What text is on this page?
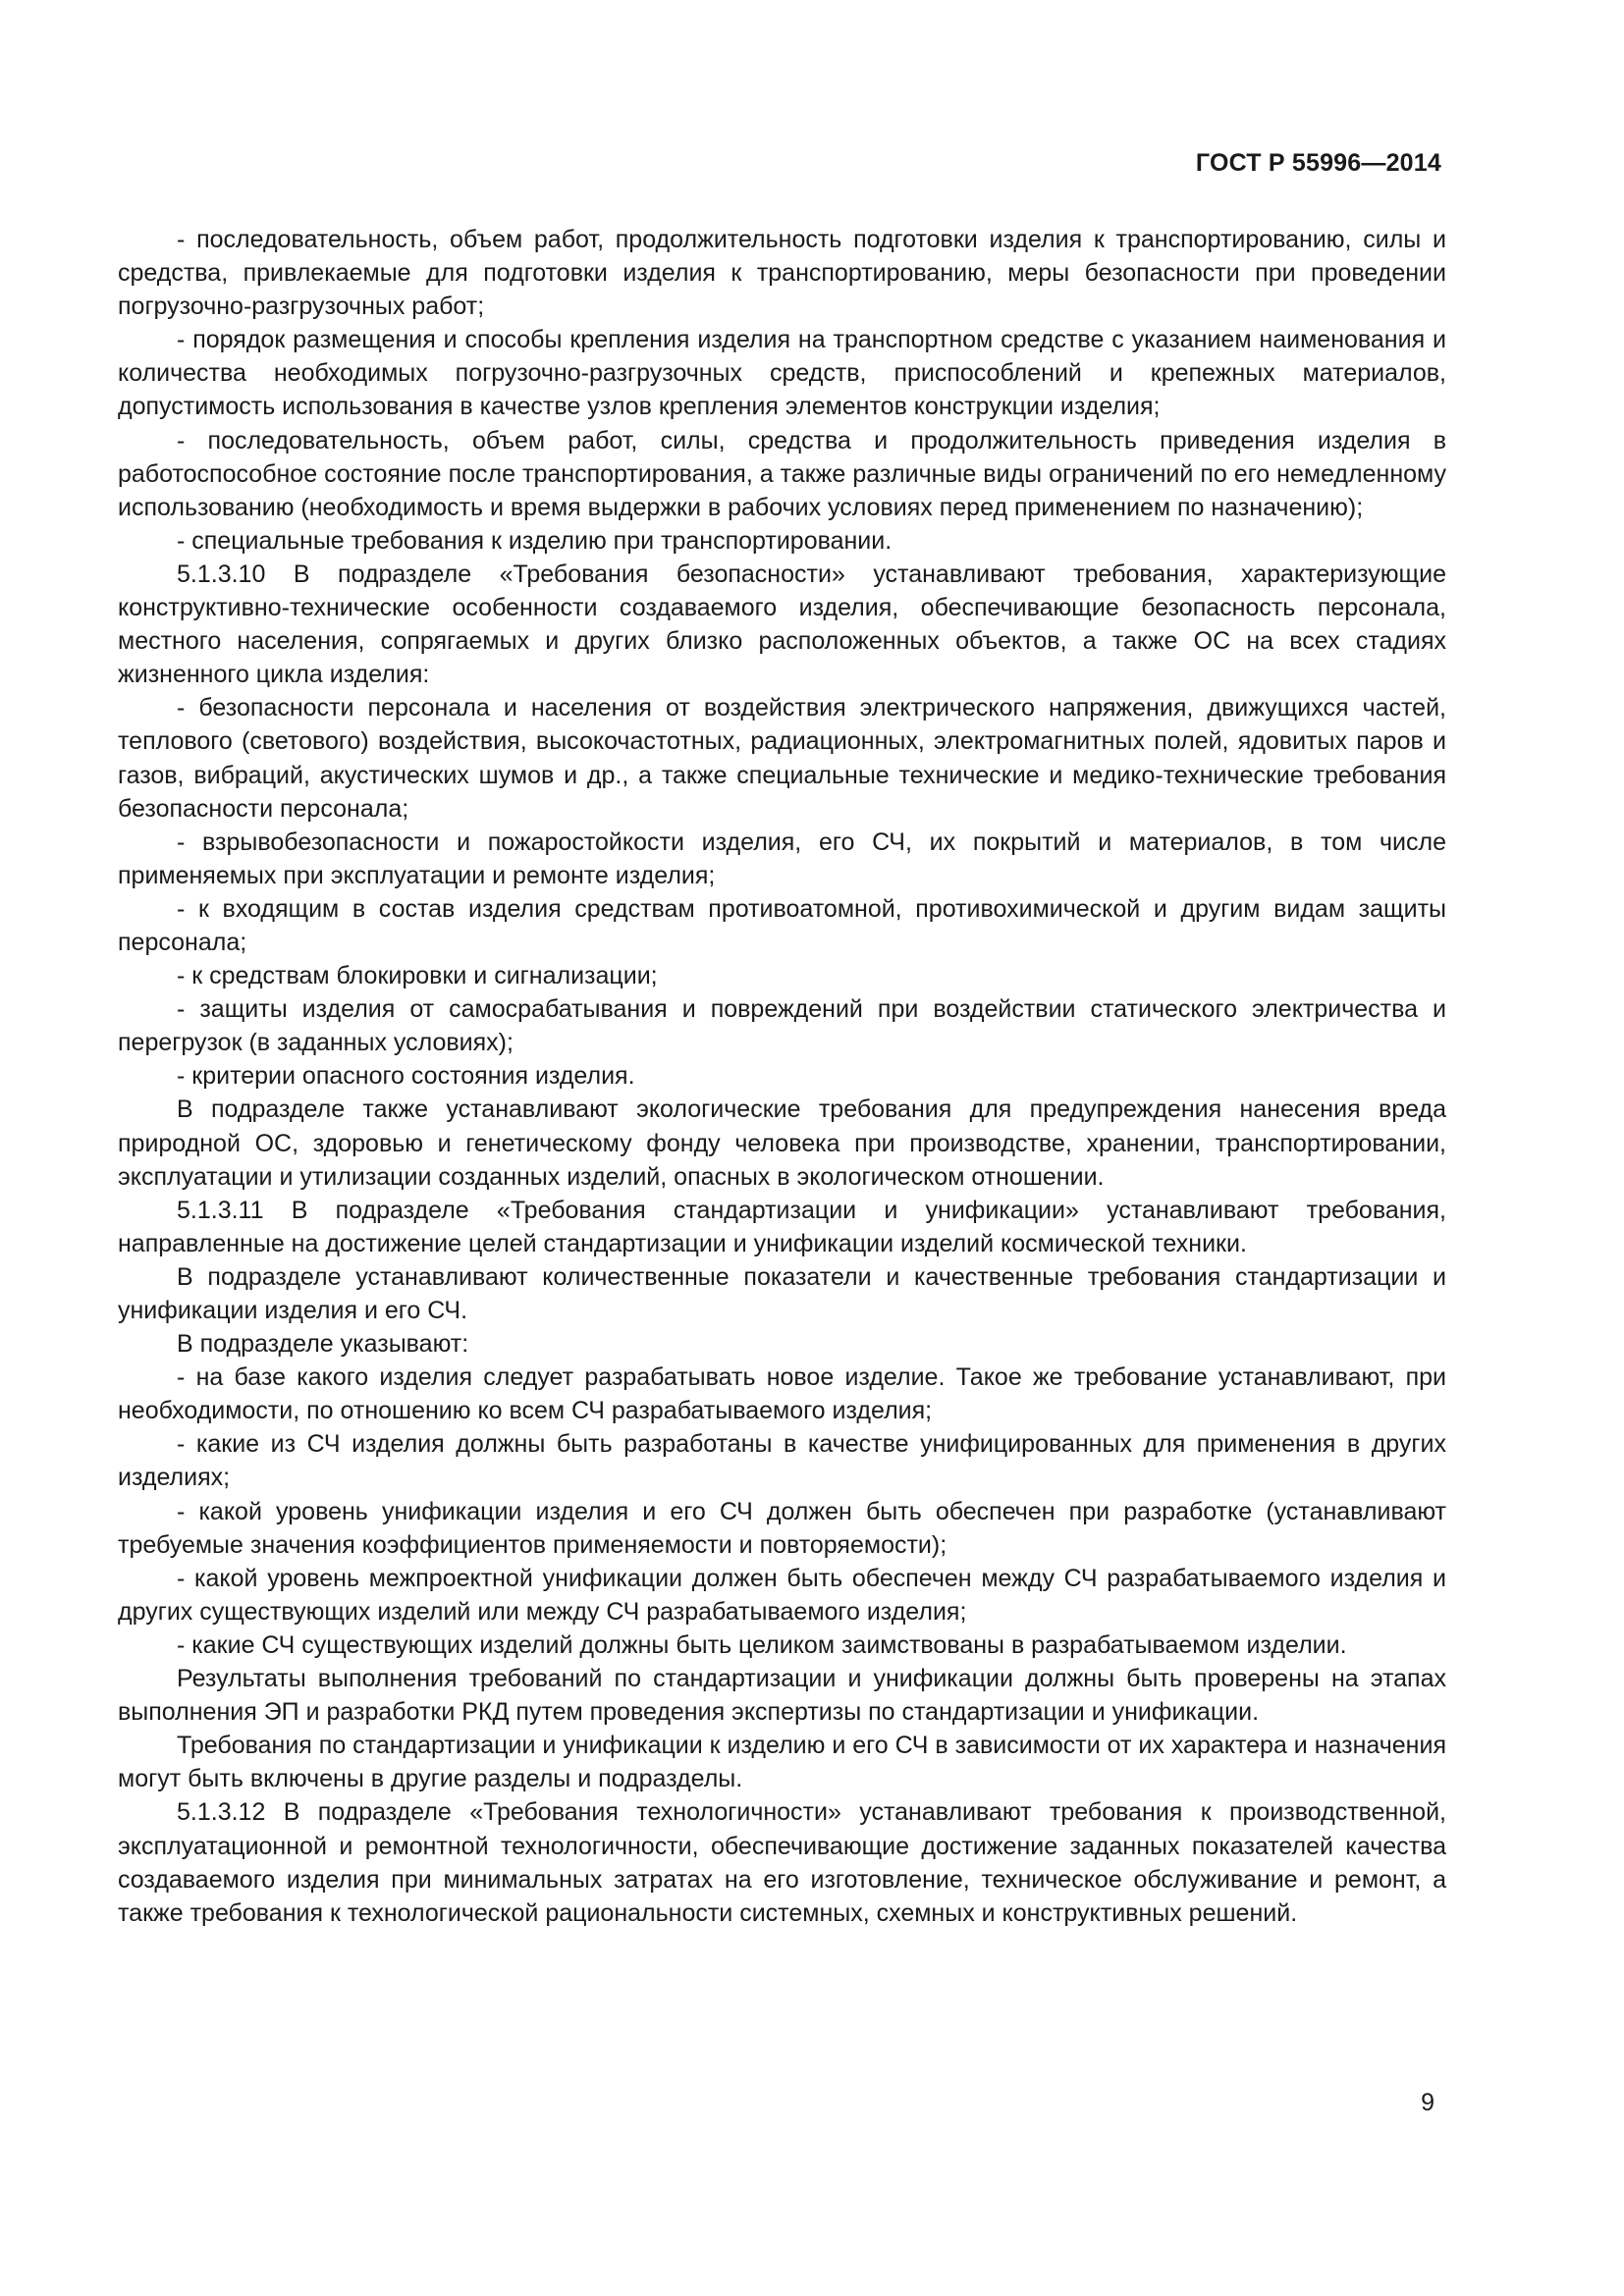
ГОСТ Р 55996—2014

- последовательность, объем работ, продолжительность подготовки изделия к транспортированию, силы и средства, привлекаемые для подготовки изделия к транспортированию, меры безопасности при проведении погрузочно-разгрузочных работ;

- порядок размещения и способы крепления изделия на транспортном средстве с указанием наименования и количества необходимых погрузочно-разгрузочных средств, приспособлений и крепежных материалов, допустимость использования в качестве узлов крепления элементов конструкции изделия;

- последовательность, объем работ, силы, средства и продолжительность приведения изделия в работоспособное состояние после транспортирования, а также различные виды ограничений по его немедленному использованию (необходимость и время выдержки в рабочих условиях перед применением по назначению);

- специальные требования к изделию при транспортировании.

5.1.3.10 В подразделе «Требования безопасности» устанавливают требования, характеризующие конструктивно-технические особенности создаваемого изделия, обеспечивающие безопасность персонала, местного населения, сопрягаемых и других близко расположенных объектов, а также ОС на всех стадиях жизненного цикла изделия:

- безопасности персонала и населения от воздействия электрического напряжения, движущихся частей, теплового (светового) воздействия, высокочастотных, радиационных, электромагнитных полей, ядовитых паров и газов, вибраций, акустических шумов и др., а также специальные технические и медико-технические требования безопасности персонала;

- взрывобезопасности и пожаростойкости изделия, его СЧ, их покрытий и материалов, в том числе применяемых при эксплуатации и ремонте изделия;

- к входящим в состав изделия средствам противоатомной, противохимической и другим видам защиты персонала;

- к средствам блокировки и сигнализации;

- защиты изделия от самосрабатывания и повреждений при воздействии статического электричества и перегрузок (в заданных условиях);

- критерии опасного состояния изделия.

В подразделе также устанавливают экологические требования для предупреждения нанесения вреда природной ОС, здоровью и генетическому фонду человека при производстве, хранении, транспортировании, эксплуатации и утилизации созданных изделий, опасных в экологическом отношении.

5.1.3.11 В подразделе «Требования стандартизации и унификации» устанавливают требования, направленные на достижение целей стандартизации и унификации изделий космической техники.

В подразделе устанавливают количественные показатели и качественные требования стандартизации и унификации изделия и его СЧ.

В подразделе указывают:

- на базе какого изделия следует разрабатывать новое изделие. Такое же требование устанавливают, при необходимости, по отношению ко всем СЧ разрабатываемого изделия;

- какие из СЧ изделия должны быть разработаны в качестве унифицированных для применения в других изделиях;

- какой уровень унификации изделия и его СЧ должен быть обеспечен при разработке (устанавливают требуемые значения коэффициентов применяемости и повторяемости);

- какой уровень межпроектной унификации должен быть обеспечен между СЧ разрабатываемого изделия и других существующих изделий или между СЧ разрабатываемого изделия;

- какие СЧ существующих изделий должны быть целиком заимствованы в разрабатываемом изделии.

Результаты выполнения требований по стандартизации и унификации должны быть проверены на этапах выполнения ЭП и разработки РКД путем проведения экспертизы по стандартизации и унификации.

Требования по стандартизации и унификации к изделию и его СЧ в зависимости от их характера и назначения могут быть включены в другие разделы и подразделы.

5.1.3.12 В подразделе «Требования технологичности» устанавливают требования к производственной, эксплуатационной и ремонтной технологичности, обеспечивающие достижение заданных показателей качества создаваемого изделия при минимальных затратах на его изготовление, техническое обслуживание и ремонт, а также требования к технологической рациональности системных, схемных и конструктивных решений.

9
